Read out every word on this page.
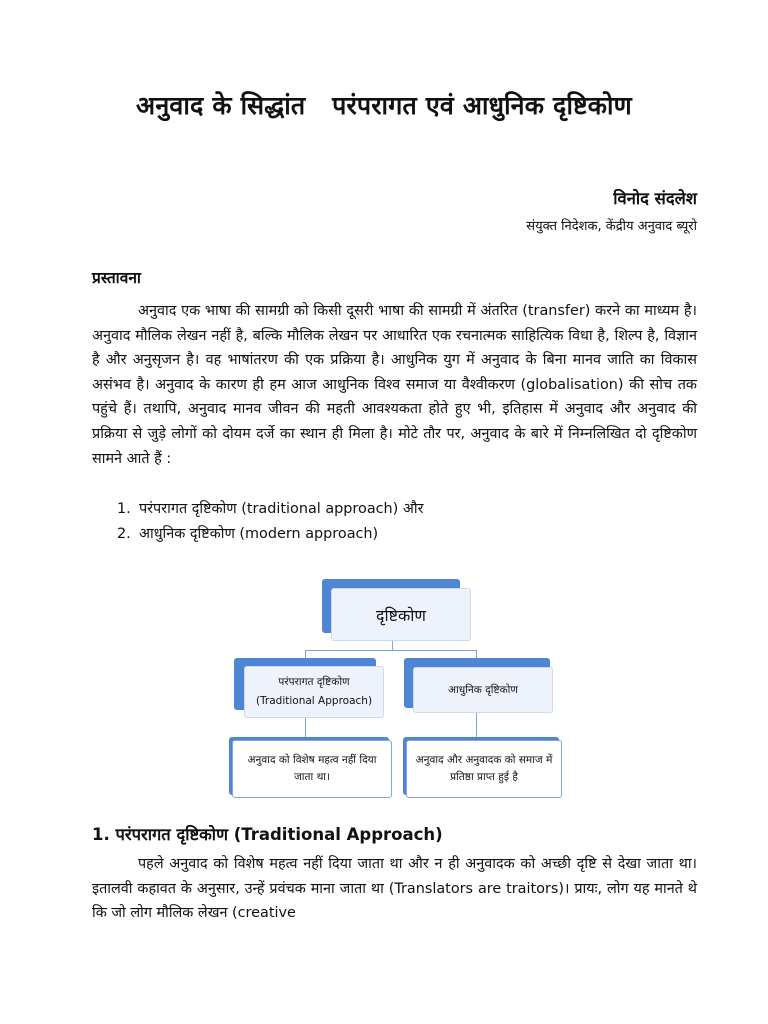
अनुवाद के सिद्धांत   परंपरागत एवं आधुनिक दृष्टिकोण
विनोद संदलेश
संयुक्त निदेशक, केंद्रीय अनुवाद ब्यूरो
प्रस्तावना

अनुवाद एक भाषा की सामग्री को किसी दूसरी भाषा की सामग्री में अंतरित (transfer) करने का माध्यम है। अनुवाद मौलिक लेखन नहीं है, बल्कि मौलिक लेखन पर आधारित एक रचनात्मक साहित्यिक विधा है, शिल्प है, विज्ञान है और अनुसृजन है। वह भाषांतरण की एक प्रक्रिया है। आधुनिक युग में अनुवाद के बिना मानव जाति का विकास असंभव है। अनुवाद के कारण ही हम आज आधुनिक विश्व समाज या वैश्वीकरण (globalisation) की सोच तक पहुंचे हैं। तथापि, अनुवाद मानव जीवन की महती आवश्यकता होते हुए भी, इतिहास में अनुवाद और अनुवाद की प्रक्रिया से जुड़े लोगों को दोयम दर्जे का स्थान ही मिला है। मोटे तौर पर, अनुवाद के बारे में निम्नलिखित दो दृष्टिकोण सामने आते हैं :

1. परंपरागत दृष्टिकोण (traditional approach) और
2. आधुनिक दृष्टिकोण (modern approach)
दृष्टिकोण
परंपरागत दृष्टिकोण
(Traditional Approach)
आधुनिक दृष्टिकोण
अनुवाद को विशेष महत्व नहीं दिया जाता था।
अनुवाद और अनुवादक को समाज में प्रतिष्ठा प्राप्त हुई है
1. परंपरागत दृष्टिकोण (Traditional Approach)

पहले अनुवाद को विशेष महत्व नहीं दिया जाता था और न ही अनुवादक को अच्छी दृष्टि से देखा जाता था। इतालवी कहावत के अनुसार, उन्हें प्रवंचक माना जाता था (Translators are traitors)। प्रायः, लोग यह मानते थे कि जो लोग मौलिक लेखन (creative
